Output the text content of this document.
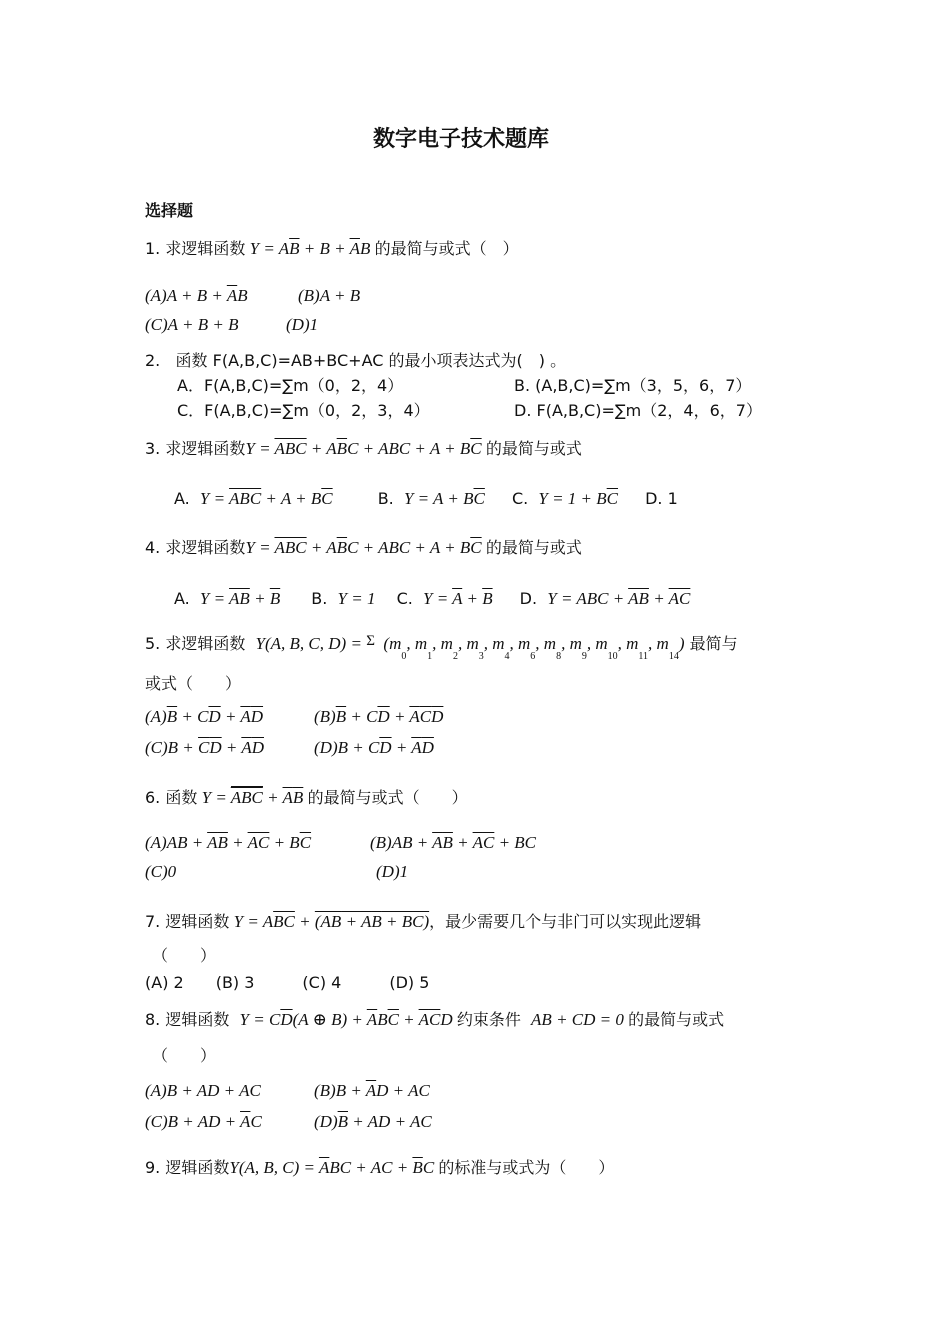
数字电子技术题库
选择题
1. 求逻辑函数 $Y = A\overline{B} + B + \overline{A}B$ 的最简与或式（　）
$(A)A + B + \overline{A}B$	(B)A + B
(C)A + B + B	(D)1
2. 函数 F(A,B,C)=AB+BC+AC 的最小项表达式为(　) 。
A．F(A,B,C)=∑m（0，2，4）	B. (A,B,C)=∑m（3，5，6，7）
C．F(A,B,C)=∑m（0，2，3，4）	D. F(A,B,C)=∑m（2，4，6，7）
3. 求逻辑函数$Y = \overline{ABC} + A\overline{B}C$ + ABC + $A + B\overline{C}$ 的最简与或式
A. $Y = \overline{ABC} + A + B\overline{C}$	B. $Y = A + B\overline{C}$ C. $Y = 1 + B\overline{C}$ D. 1
4. 求逻辑函数$Y = \overline{ABC} + A\overline{B}C$ + ABC + $A + B\overline{C}$ 的最简与或式
A. $Y = \overline{AB} + \overline{B}$ B. Y = 1 C. $Y = \overline{A} + \overline{B}$ D. Y = ABC + $\overline{AB} + \overline{AC}$
5. 求逻辑函数 Y(A, B, C, D) = Σ  ($m_0$, $m_1$, $m_2$, $m_3$, $m_4$, $m_6$, $m_8$, $m_9$, $m_{10}$, $m_{11}$, $m_{14}$) 最简与
或式（　　）
$(A)\overline{B} + C\overline{D} + \overline{A}\overline{D}$	$(B)\overline{B} + C\overline{D} + \overline{A}\overline{C}\overline{D}$
$(C)B + \overline{C}\overline{D} + \overline{A}\overline{D}$	$(D)B + C\overline{D} + \overline{A}\overline{D}$
6. 函数 $Y = \overline{ABC} + \overline{A}\overline{B}$ 的最简与或式（　　）
$(A)AB + \overline{A}\overline{B} + \overline{A}\overline{C} + B\overline{C}$	$(B)AB + \overline{A}\overline{B} + \overline{A}\overline{C}$ + BC
(C)0	(D)1
7. 逻辑函数 $Y = A\overline{BC} + (AB$ + AB + BC)，最少需要几个与非门可以实现此逻辑
（　　）
(A) 2　　(B) 3　　　(C) 4　　　(D) 5
8. 逻辑函数 $Y = C\overline{D}(A$ ⊕ $B) + \overline{A}B\overline{C} + \overline{A}\overline{C}D$ 约束条件 AB + CD = 0 的最简与或式
（　　）
(A)B + AD + AC	$(B)B + \overline{A}D$ + AC
(C)B + AD + $\overline{A}C$	$(D)\overline{B}$ + AD + AC
9. 逻辑函数Y(A, B, $C) = \overline{A}BC$ + AC + $\overline{B}C$ 的标准与或式为（　　）
